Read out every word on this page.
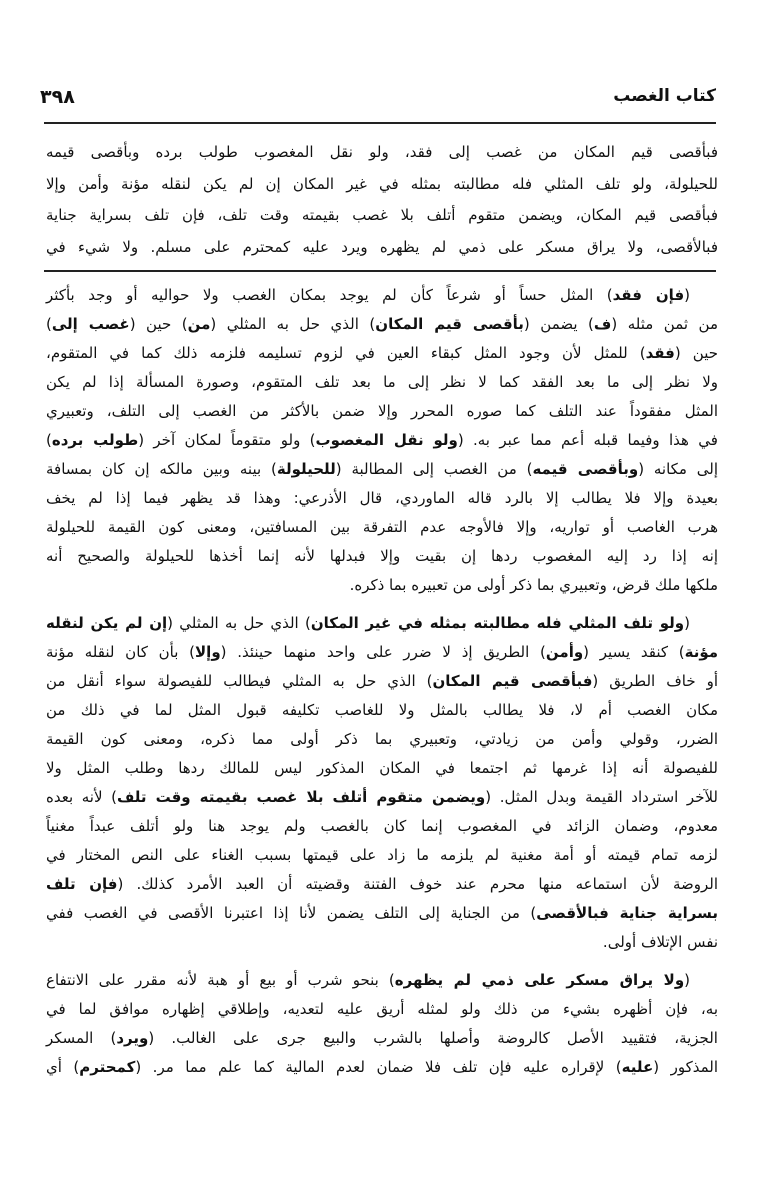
٣٩٨	كتاب الغصب
فبأقصى قيم المكان من غصب إلى فقد، ولو نقل المغصوب طولب برده وبأقصى قيمه
للحيلولة، ولو تلف المثلي فله مطالبته بمثله في غير المكان إن لم يكن لنقله مؤنة وأمن وإلا
فبأقصى قيم المكان، ويضمن متقوم أتلف بلا غصب بقيمته وقت تلف، فإن تلف بسراية جناية
فبالأقصى، ولا يراق مسكر على ذمي لم يظهره ويرد عليه كمحترم على مسلم. ولا شيء في
(فإن فقد) المثل حساً أو شرعاً كأن لم يوجد بمكان الغصب ولا حواليه أو وجد بأكثر
من ثمن مثله (ف) يضمن (بأقصى قيم المكان) الذي حل به المثلي (من) حين (غصب إلى)
حين (فقد) للمثل لأن وجود المثل كبقاء العين في لزوم تسليمه فلزمه ذلك كما في المتقوم،
ولا نظر إلى ما بعد الفقد كما لا نظر إلى ما بعد تلف المتقوم، وصورة المسألة إذا لم يكن
المثل مفقوداً عند التلف كما صوره المحرر وإلا ضمن بالأكثر من الغصب إلى التلف، وتعبيري
في هذا وفيما قبله أعم مما عبر به. (ولو نقل المغصوب) ولو متقوماً لمكان آخر (طولب برده)
إلى مكانه (وبأقصى قيمه) من الغصب إلى المطالبة (للحيلولة) بينه وبين مالكه إن كان بمسافة
بعيدة وإلا فلا يطالب إلا بالرد قاله الماوردي، قال الأذرعي: وهذا قد يظهر فيما إذا لم يخف
هرب الغاصب أو تواريه، وإلا فالأوجه عدم التفرقة بين المسافتين، ومعنى كون القيمة للحيلولة
إنه إذا رد إليه المغصوب ردها إن بقيت وإلا فبدلها لأنه إنما أخذها للحيلولة والصحيح أنه
ملكها ملك قرض، وتعبيري بما ذكر أولى من تعبيره بما ذكره.
(ولو تلف المثلي فله مطالبته بمثله في غير المكان) الذي حل به المثلي (إن لم يكن لنقله
مؤنة) كنقد يسير (وأمن) الطريق إذ لا ضرر على واحد منهما حينئذ. (وإلا) بأن كان لنقله مؤنة
أو خاف الطريق (فبأقصى قيم المكان) الذي حل به المثلي فيطالب للفيصولة سواء أنقل من
مكان الغصب أم لا، فلا يطالب بالمثل ولا للغاصب تكليفه قبول المثل لما في ذلك من
الضرر، وقولي وأمن من زيادتي، وتعبيري بما ذكر أولى مما ذكره، ومعنى كون القيمة
للفيصولة أنه إذا غرمها ثم اجتمعا في المكان المذكور ليس للمالك ردها وطلب المثل ولا
للآخر استرداد القيمة وبدل المثل. (ويضمن متقوم أتلف بلا غصب بقيمته وقت تلف) لأنه بعده
معدوم، وضمان الزائد في المغصوب إنما كان بالغصب ولم يوجد هنا ولو أتلف عبداً مغنياً
لزمه تمام قيمته أو أمة مغنية لم يلزمه ما زاد على قيمتها بسبب الغناء على النص المختار في
الروضة لأن استماعه منها محرم عند خوف الفتنة وقضيته أن العبد الأمرد كذلك. (فإن تلف
بسراية جناية فبالأقصى) من الجناية إلى التلف يضمن لأنا إذا اعتبرنا الأقصى في الغصب ففي
نفس الإتلاف أولى.
(ولا يراق مسكر على ذمي لم يظهره) بنحو شرب أو بيع أو هبة لأنه مقرر على الانتفاع
به، فإن أظهره بشيء من ذلك ولو لمثله أريق عليه لتعديه، وإطلاقي إظهاره موافق لما في
الجزية، فتقييد الأصل كالروضة وأصلها بالشرب والبيع جرى على الغالب. (ويرد) المسكر
المذكور (عليه) لإقراره عليه فإن تلف فلا ضمان لعدم المالية كما علم مما مر. (كمحترم) أي
